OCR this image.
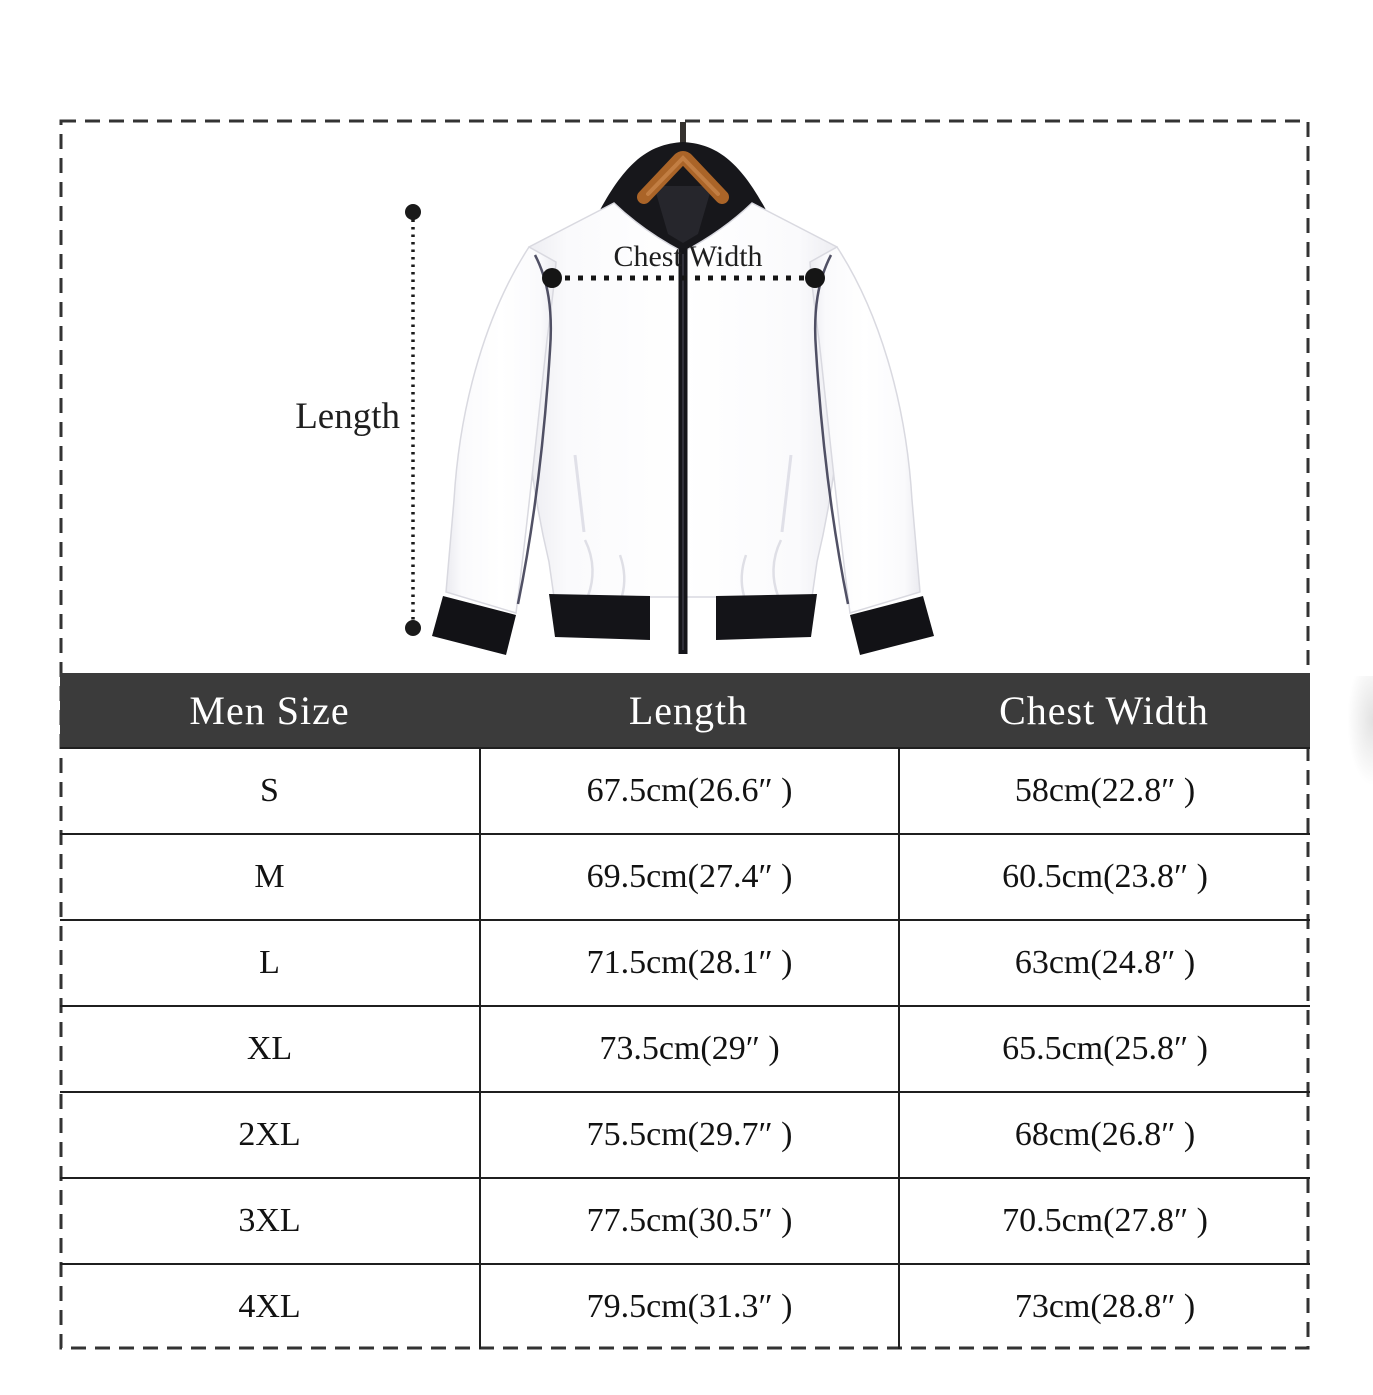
Length
Chest Width
Men Size	Length	Chest Width
S	67.5cm(26.6″ )	58cm(22.8″ )
M	69.5cm(27.4″ )	60.5cm(23.8″ )
L	71.5cm(28.1″ )	63cm(24.8″ )
XL	73.5cm(29″ )	65.5cm(25.8″ )
2XL	75.5cm(29.7″ )	68cm(26.8″ )
3XL	77.5cm(30.5″ )	70.5cm(27.8″ )
4XL	79.5cm(31.3″ )	73cm(28.8″ )
